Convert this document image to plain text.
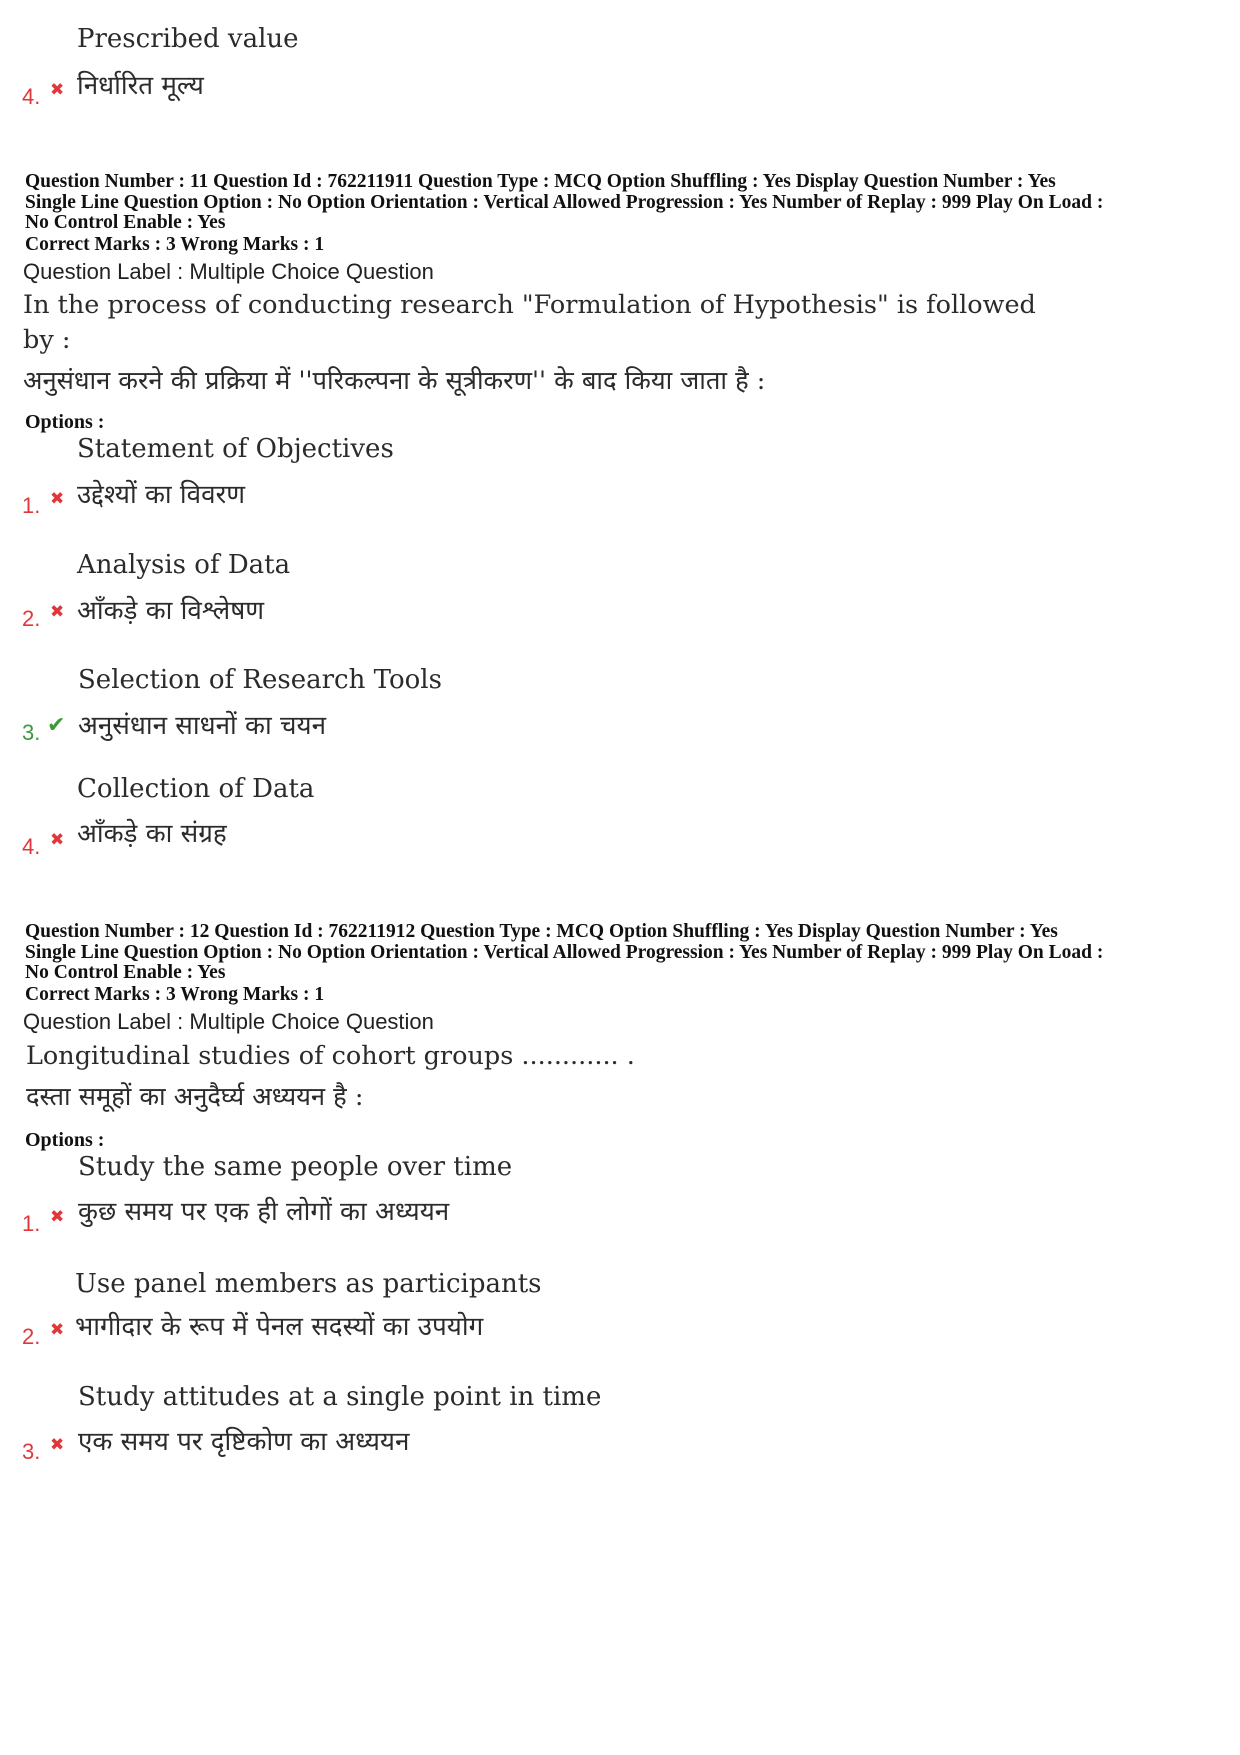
Prescribed value
4. ✖ निर्धारित मूल्य
Question Number : 11 Question Id : 762211911 Question Type : MCQ Option Shuffling : Yes Display Question Number : Yes
Single Line Question Option : No Option Orientation : Vertical Allowed Progression : Yes Number of Replay : 999 Play On Load :
No Control Enable : Yes
Correct Marks : 3 Wrong Marks : 1
Question Label : Multiple Choice Question
In the process of conducting research "Formulation of Hypothesis" is followed
by :
अनुसंधान करने की प्रक्रिया में ''परिकल्पना के सूत्रीकरण'' के बाद किया जाता है :
Options :
Statement of Objectives
1. ✖ उद्देश्यों का विवरण
Analysis of Data
2. ✖ आँकड़े का विश्लेषण
Selection of Research Tools
3. ✔ अनुसंधान साधनों का चयन
Collection of Data
4. ✖ आँकड़े का संग्रह
Question Number : 12 Question Id : 762211912 Question Type : MCQ Option Shuffling : Yes Display Question Number : Yes
Single Line Question Option : No Option Orientation : Vertical Allowed Progression : Yes Number of Replay : 999 Play On Load :
No Control Enable : Yes
Correct Marks : 3 Wrong Marks : 1
Question Label : Multiple Choice Question
Longitudinal studies of cohort groups ............ .
दस्ता समूहों का अनुदैर्घ्य अध्ययन है :
Options :
Study the same people over time
1. ✖ कुछ समय पर एक ही लोगों का अध्ययन
Use panel members as participants
2. ✖ भागीदार के रूप में पेनल सदस्यों का उपयोग
Study attitudes at a single point in time
3. ✖ एक समय पर दृष्टिकोण का अध्ययन
